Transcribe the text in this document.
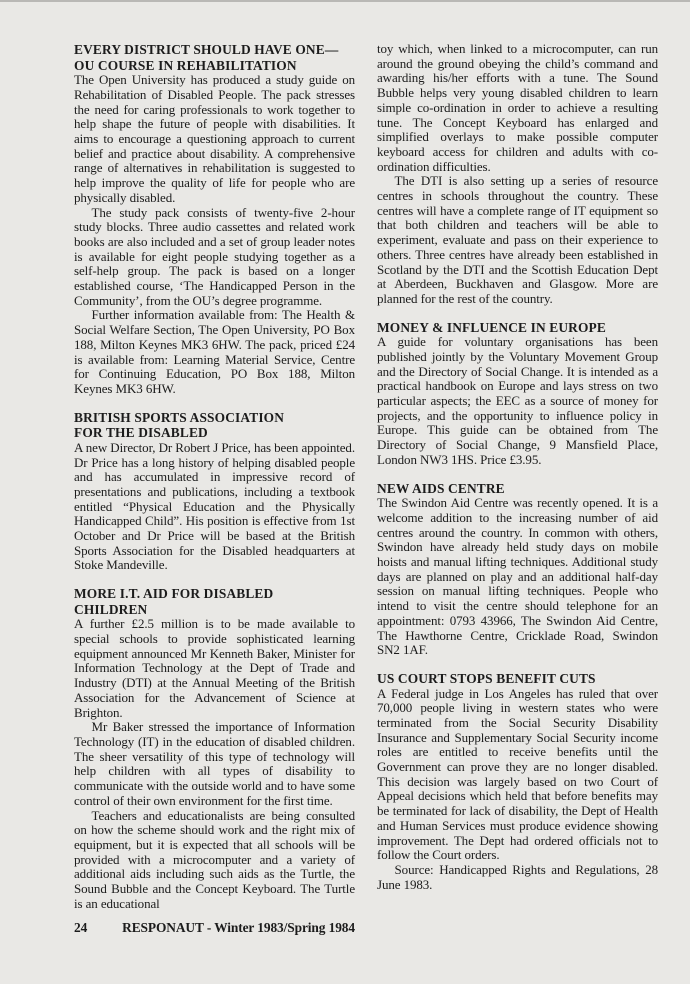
EVERY DISTRICT SHOULD HAVE ONE—
OU COURSE IN REHABILITATION

The Open University has produced a study guide on Rehabilitation of Disabled People. The pack stresses the need for caring professionals to work together to help shape the future of people with disabilities. It aims to encourage a questioning approach to current belief and practice about disability. A comprehensive range of alternatives in rehabilitation is suggested to help improve the quality of life for people who are physically disabled.

The study pack consists of twenty-five 2-hour study blocks. Three audio cassettes and related work books are also included and a set of group leader notes is available for eight people studying together as a self-help group. The pack is based on a longer established course, ‘The Handicapped Person in the Community’, from the OU’s degree programme.

Further information available from: The Health & Social Welfare Section, The Open University, PO Box 188, Milton Keynes MK3 6HW. The pack, priced £24 is available from: Learning Material Service, Centre for Continuing Education, PO Box 188, Milton Keynes MK3 6HW.

BRITISH SPORTS ASSOCIATION
FOR THE DISABLED

A new Director, Dr Robert J Price, has been appointed. Dr Price has a long history of helping disabled people and has accumulated in impressive record of presentations and publications, including a textbook entitled “Physical Education and the Physically Handicapped Child”. His position is effective from 1st October and Dr Price will be based at the British Sports Association for the Disabled headquarters at Stoke Mandeville.

MORE I.T. AID FOR DISABLED
CHILDREN

A further £2.5 million is to be made available to special schools to provide sophisticated learning equipment announced Mr Kenneth Baker, Minister for Information Technology at the Dept of Trade and Industry (DTI) at the Annual Meeting of the British Association for the Advancement of Science at Brighton.

Mr Baker stressed the importance of Information Technology (IT) in the education of disabled children. The sheer versatility of this type of technology will help children with all types of disability to communicate with the outside world and to have some control of their own environment for the first time.

Teachers and educationalists are being consulted on how the scheme should work and the right mix of equipment, but it is expected that all schools will be provided with a microcomputer and a variety of additional aids including such aids as the Turtle, the Sound Bubble and the Concept Keyboard. The Turtle is an educational

24	RESPONAUT - Winter 1983/Spring 1984

toy which, when linked to a microcomputer, can run around the ground obeying the child’s command and awarding his/her efforts with a tune. The Sound Bubble helps very young disabled children to learn simple co-ordination in order to achieve a resulting tune. The Concept Keyboard has enlarged and simplified overlays to make possible computer keyboard access for children and adults with co-ordination difficulties.

The DTI is also setting up a series of resource centres in schools throughout the country. These centres will have a complete range of IT equipment so that both children and teachers will be able to experiment, evaluate and pass on their experience to others. Three centres have already been established in Scotland by the DTI and the Scottish Education Dept at Aberdeen, Buckhaven and Glasgow. More are planned for the rest of the country.

MONEY & INFLUENCE IN EUROPE

A guide for voluntary organisations has been published jointly by the Voluntary Movement Group and the Directory of Social Change. It is intended as a practical handbook on Europe and lays stress on two particular aspects; the EEC as a source of money for projects, and the opportunity to influence policy in Europe. This guide can be obtained from The Directory of Social Change, 9 Mansfield Place, London NW3 1HS. Price £3.95.

NEW AIDS CENTRE

The Swindon Aid Centre was recently opened. It is a welcome addition to the increasing number of aid centres around the country. In common with others, Swindon have already held study days on mobile hoists and manual lifting techniques. Additional study days are planned on play and an additional half-day session on manual lifting techniques. People who intend to visit the centre should telephone for an appointment: 0793 43966, The Swindon Aid Centre, The Hawthorne Centre, Cricklade Road, Swindon SN2 1AF.

US COURT STOPS BENEFIT CUTS

A Federal judge in Los Angeles has ruled that over 70,000 people living in western states who were terminated from the Social Security Disability Insurance and Supplementary Social Security income roles are entitled to receive benefits until the Government can prove they are no longer disabled. This decision was largely based on two Court of Appeal decisions which held that before benefits may be terminated for lack of disability, the Dept of Health and Human Services must produce evidence showing improvement. The Dept had ordered officials not to follow the Court orders.

Source: Handicapped Rights and Regulations, 28 June 1983.
